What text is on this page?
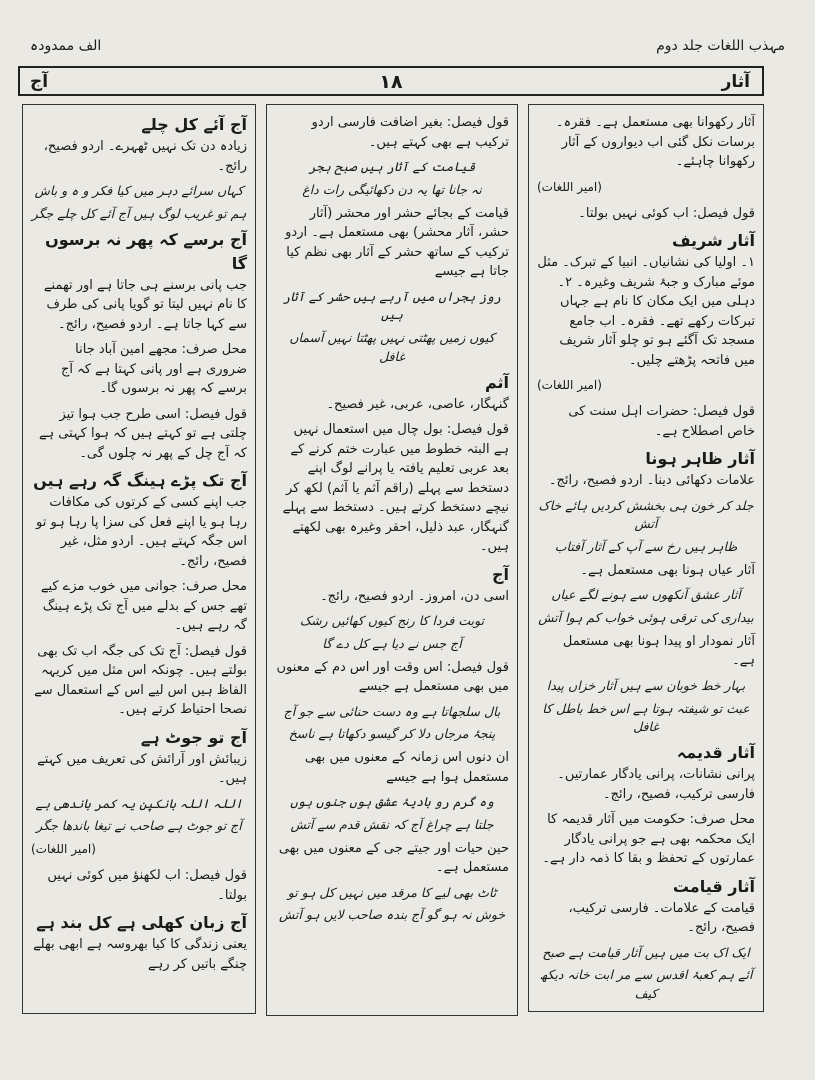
مہذب اللغات جلد دوم
الف ممدودہ
آج	۱۸	آثار

آثار رکھوانا بھی مستعمل ہے۔ فقرہ۔ برسات نکل گئی اب دیواروں کے آثار رکھوانا چاہئے۔

(امیر اللغات)

قول فیصل: اب کوئی نہیں بولتا۔

آثار شریف

۱۔ اولیا کی نشانیاں۔ انبیا کے تبرک۔ مثل موئے مبارک و جبۂ شریف وغیرہ۔ ۲۔ دہلی میں ایک مکان کا نام ہے جہاں تبرکات رکھے تھے۔ فقرہ۔ اب جامع مسجد تک آگئے ہو تو چلو آثار شریف میں فاتحہ پڑھتے چلیں۔

(امیر اللغات)

قول فیصل: حضرات اہل سنت کی خاص اصطلاح ہے۔

آثار ظاہر ہونا

علامات دکھائی دینا۔ اردو فصیح، رائج۔

جلد کر خون ہی بخشش کردیں ہائے خاک آتش

ظاہر ہیں رخ سے آپ کے آثار آفتاب

آثار عیاں ہونا بھی مستعمل ہے۔

آثار عشق آنکھوں سے ہونے لگے عیاں

بیداری کی ترقی ہوئی خواب کم ہوا آتش

آثار نمودار او پیدا ہونا بھی مستعمل ہے۔

بہار خط خوبان سے ہیں آثار خزاں پیدا

عبث تو شیفتہ ہوتا ہے اس خط باطل کا غافل

آثار قدیمہ

پرانی نشانات، پرانی یادگار عمارتیں۔ فارسی ترکیب، فصیح، رائج۔

محل صرف: حکومت میں آثار قدیمہ کا ایک محکمہ بھی ہے جو پرانی یادگار عمارتوں کے تحفظ و بقا کا ذمہ دار ہے۔

آثار قیامت

قیامت کے علامات۔ فارسی ترکیب، فصیح، رائج۔

ایک اک بت میں ہیں آثار قیامت ہے صبح

آئے ہم کعبۂ اقدس سے مر ابت خانہ دیکھ کیف

قول فیصل: بغیر اضافت فارسی اردو ترکیب ہے بھی کہتے ہیں۔

قیامت کے آثار ہیں صبح ہجر

نہ جانا تھا یہ دن دکھائیگی رات داغ

قیامت کے بجائے حشر اور محشر (آثار حشر، آثار محشر) بھی مستعمل ہے۔ اردو ترکیب کے ساتھ حشر کے آثار بھی نظم کیا جاتا ہے جیسے

روز ہجراں میں آرہے ہیں حشر کے آثار ہیں

کیوں زمیں پھٹتی نہیں پھٹتا نہیں آسماں غافل

آثم

گنہگار، عاصی، عربی، غیر فصیح۔

قول فیصل: بول چال میں استعمال نہیں ہے البتہ خطوط میں عبارت ختم کرنے کے بعد عربی تعلیم یافتہ یا پرانے لوگ اپنے دستخط سے پہلے (راقم آثم یا آثم) لکھ کر نیچے دستخط کرتے ہیں۔ دستخط سے پہلے گنہگار، عبد ذلیل، احقر وغیرہ بھی لکھتے ہیں۔

آج

اسی دن، امروز۔ اردو فصیح، رائج۔

توبت فردا کا رنج کیوں کھائیں رشک

آج جس نے دیا ہے کل دے گا

قول فیصل: اس وقت اور اس دم کے معنوں میں بھی مستعمل ہے جیسے

بال سلجھاتا ہے وہ دست حنائی سے جو آج

پنجۂ مرجاں دلا کر گیسو دکھاتا ہے ناسخ

ان دنوں اس زمانہ کے معنوں میں بھی مستعمل ہوا ہے جیسے

وہ گرم رو بادیۂ عشق ہوں جنوں ہوں

جلتا ہے چراغ آج کہ نقش قدم سے آتش

حین حیات اور جیتے جی کے معنوں میں بھی مستعمل ہے۔

ٹاٹ بھی لیے کا مرقد میں نہیں کل ہو تو

خوش نہ ہو گو آج بندہ صاحب لایں ہو آتش

آج آئے کل چلے

زیادہ دن تک نہیں ٹھہرے۔ اردو فصیح، رائج۔

کہاں سرائے دہر میں کیا فکر و ہ و باش

ہم تو غریب لوگ ہیں آج آئے کل چلے جگر

آج برسے کہ پھر نہ برسوں گا

جب پانی برسنے ہی جاتا ہے اور تھمنے کا نام نہیں لیتا تو گویا پانی کی طرف سے کہا جاتا ہے۔ اردو فصیح، رائج۔

محل صرف: مجھے امین آباد جانا ضروری ہے اور پانی کہتا ہے کہ آج برسے کہ پھر نہ برسوں گا۔

قول فیصل: اسی طرح جب ہوا تیز چلتی ہے تو کہتے ہیں کہ ہوا کہتی ہے کہ آج چل کے پھر نہ چلوں گی۔

آج تک پڑے ہینگ گہ رہے ہیں

جب اپنے کسی کے کرتوں کی مکافات رہا ہو یا اپنے فعل کی سزا پا رہا ہو تو اس جگہ کہتے ہیں۔ اردو مثل، غیر فصیح، رائج۔

محل صرف: جوانی میں خوب مزے کیے تھے جس کے بدلے میں آج تک پڑے ہینگ گہ رہے ہیں۔

قول فیصل: آج تک کی جگہ اب تک بھی بولتے ہیں۔ چونکہ اس مثل میں کریہہ الفاظ ہیں اس لیے اس کے استعمال سے نصحا احتیاط کرتے ہیں۔

آج تو جوٹ ہے

زیبائش اور آرائش کی تعریف میں کہتے ہیں۔

اللہ اللہ بانکپن یہ کمر باندھی ہے

آج تو جوٹ ہے صاحب نے تیغا باندھا جگر

(امیر اللغات)

قول فیصل: اب لکھنؤ میں کوئی نہیں بولتا۔

آج زبان کھلی ہے کل بند ہے

یعنی زندگی کا کیا بھروسہ ہے ابھی بھلے چنگے باتیں کر رہے
